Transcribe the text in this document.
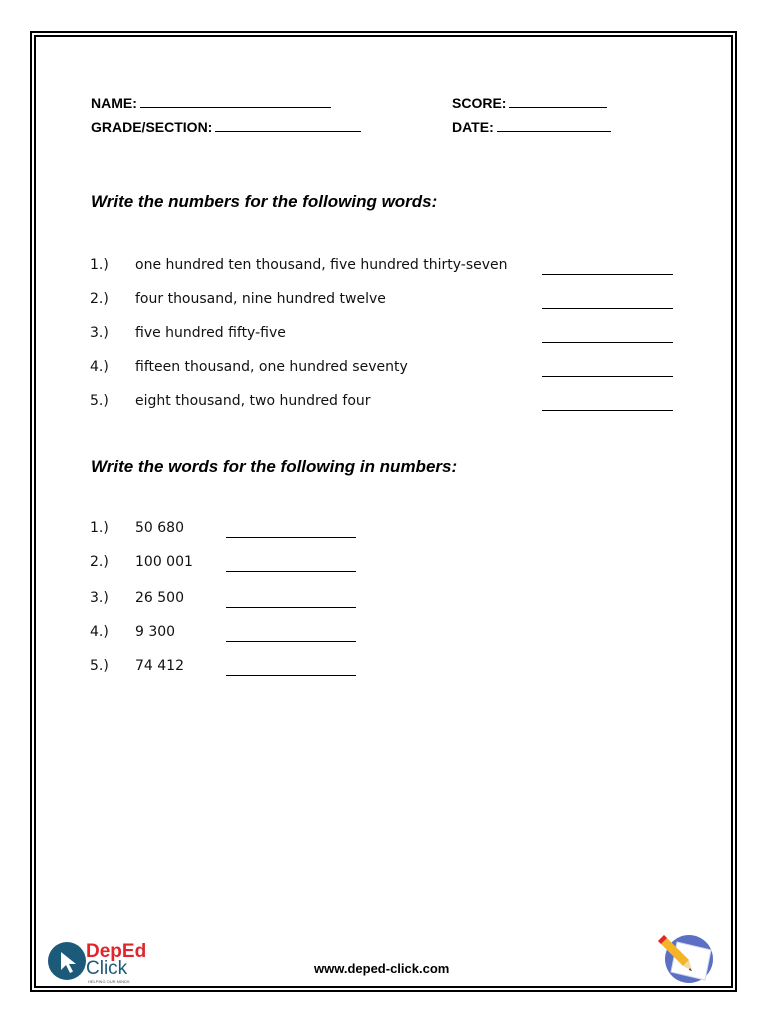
NAME:
GRADE/SECTION:
SCORE:
DATE:
Write the numbers for the following words:
1.) one hundred ten thousand, five hundred thirty-seven
2.) four thousand, nine hundred twelve
3.) five hundred fifty-five
4.) fifteen thousand, one hundred seventy
5.) eight thousand, two hundred four
Write the words for the following in numbers:
1.) 50 680
2.) 100 001
3.) 26 500
4.) 9 300
5.) 74 412
DepEd
Click
HELPING OUR MINDS
www.deped-click.com
